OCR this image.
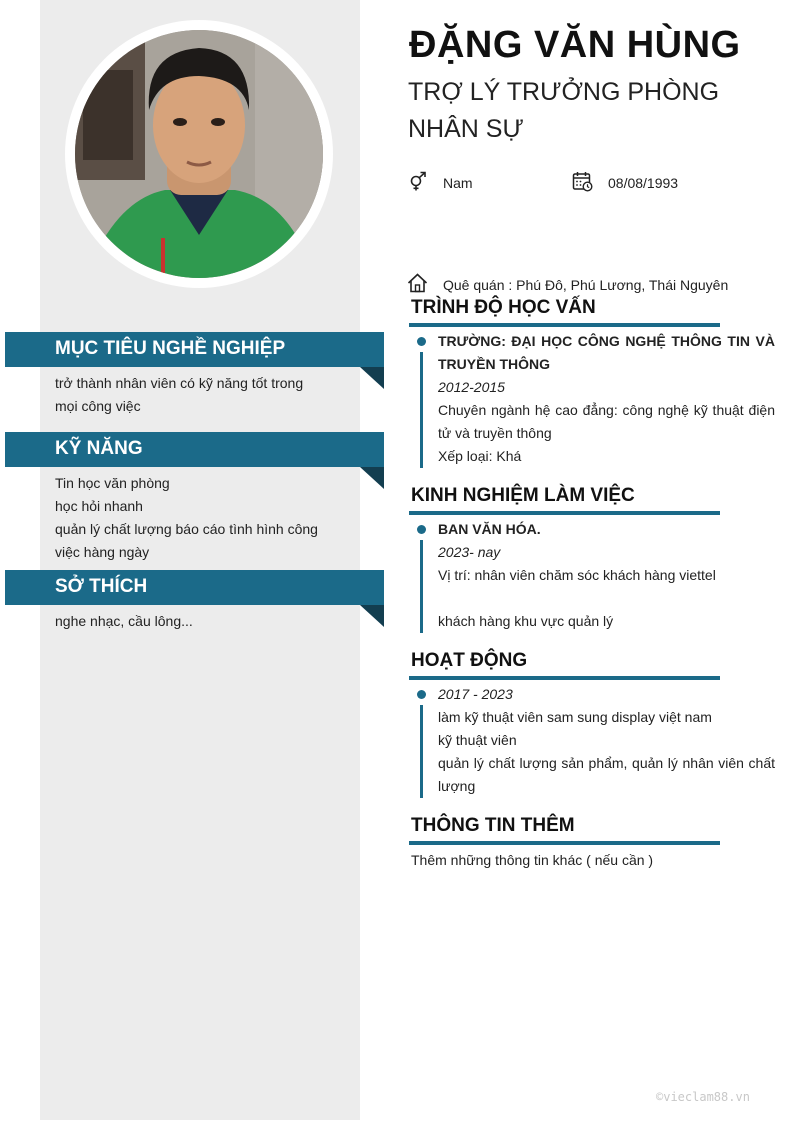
MỤC TIÊU NGHỀ NGHIỆP
trở thành nhân viên có kỹ năng tốt trong mọi công việc
KỸ NĂNG
Tin học văn phòng
học hỏi nhanh
quản lý chất lượng báo cáo tình hình công việc hàng ngày
SỞ THÍCH
nghe nhạc, cầu lông...
ĐẶNG VĂN HÙNG
TRỢ LÝ TRƯỞNG PHÒNG NHÂN SỰ
Nam	08/08/1993
Quê quán : Phú Đô, Phú Lương, Thái Nguyên
TRÌNH ĐỘ HỌC VẤN
TRƯỜNG: ĐẠI HỌC CÔNG NGHỆ THÔNG TIN VÀ TRUYỀN THÔNG
2012-2015
Chuyên ngành hệ cao đẳng: công nghệ kỹ thuật điện tử và truyền thông
Xếp loại: Khá
KINH NGHIỆM LÀM VIỆC
BAN VĂN HÓA.
2023- nay
Vị trí: nhân viên chăm sóc khách hàng viettel
khách hàng khu vực quản lý
HOẠT ĐỘNG
2017 - 2023
làm kỹ thuật viên sam sung display việt nam
kỹ thuật viên
quản lý chất lượng sản phẩm, quản lý nhân viên chất lượng
THÔNG TIN THÊM
Thêm những thông tin khác ( nếu cần )
©vieclam88.vn
